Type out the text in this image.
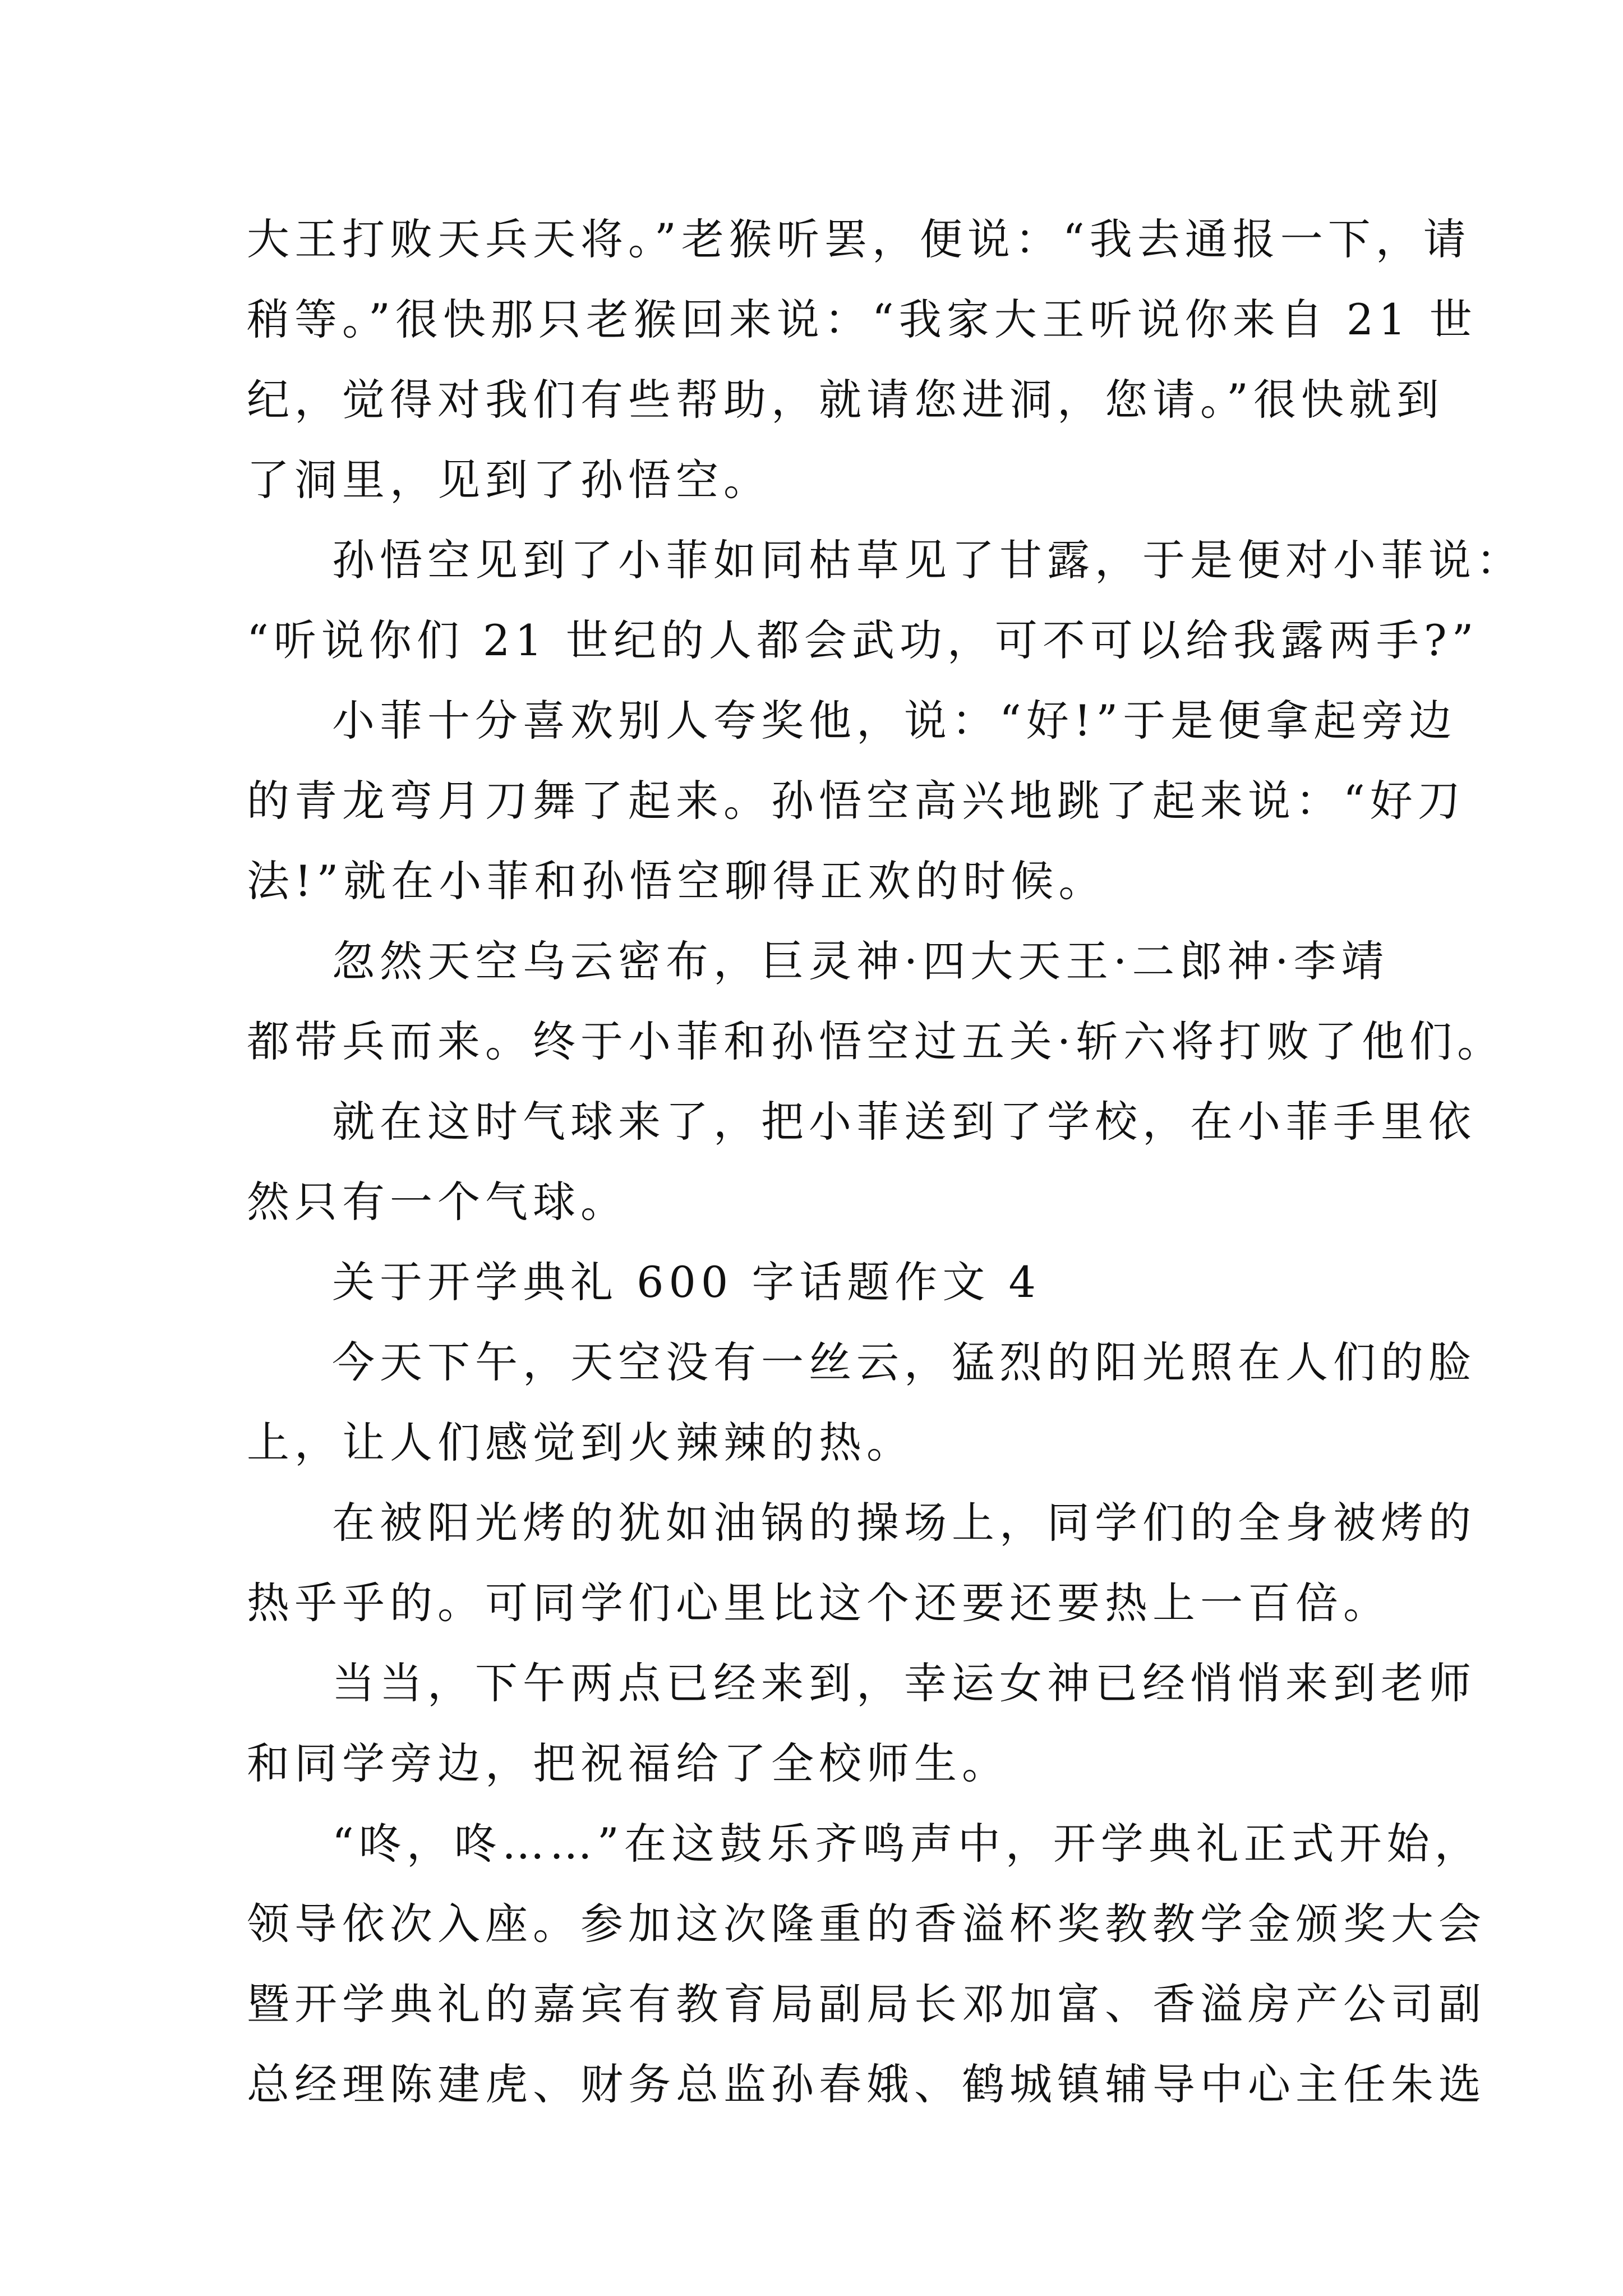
大王打败天兵天将。”老猴听罢，便说：“我去通报一下，请
稍等。”很快那只老猴回来说：“我家大王听说你来自 21 世
纪，觉得对我们有些帮助，就请您进洞，您请。”很快就到
了洞里，见到了孙悟空。
孙悟空见到了小菲如同枯草见了甘露，于是便对小菲说：
“听说你们 21 世纪的人都会武功，可不可以给我露两手?”
小菲十分喜欢别人夸奖他，说：“好!”于是便拿起旁边
的青龙弯月刀舞了起来。孙悟空高兴地跳了起来说：“好刀
法!”就在小菲和孙悟空聊得正欢的时候。
忽然天空乌云密布，巨灵神·四大天王·二郎神·李靖
都带兵而来。终于小菲和孙悟空过五关·斩六将打败了他们。
就在这时气球来了，把小菲送到了学校，在小菲手里依
然只有一个气球。
关于开学典礼 600 字话题作文 4
今天下午，天空没有一丝云，猛烈的阳光照在人们的脸
上，让人们感觉到火辣辣的热。
在被阳光烤的犹如油锅的操场上，同学们的全身被烤的
热乎乎的。可同学们心里比这个还要还要热上一百倍。
当当，下午两点已经来到，幸运女神已经悄悄来到老师
和同学旁边，把祝福给了全校师生。
“咚，咚……”在这鼓乐齐鸣声中，开学典礼正式开始，
领导依次入座。参加这次隆重的香溢杯奖教教学金颁奖大会
暨开学典礼的嘉宾有教育局副局长邓加富、香溢房产公司副
总经理陈建虎、财务总监孙春娥、鹤城镇辅导中心主任朱选
